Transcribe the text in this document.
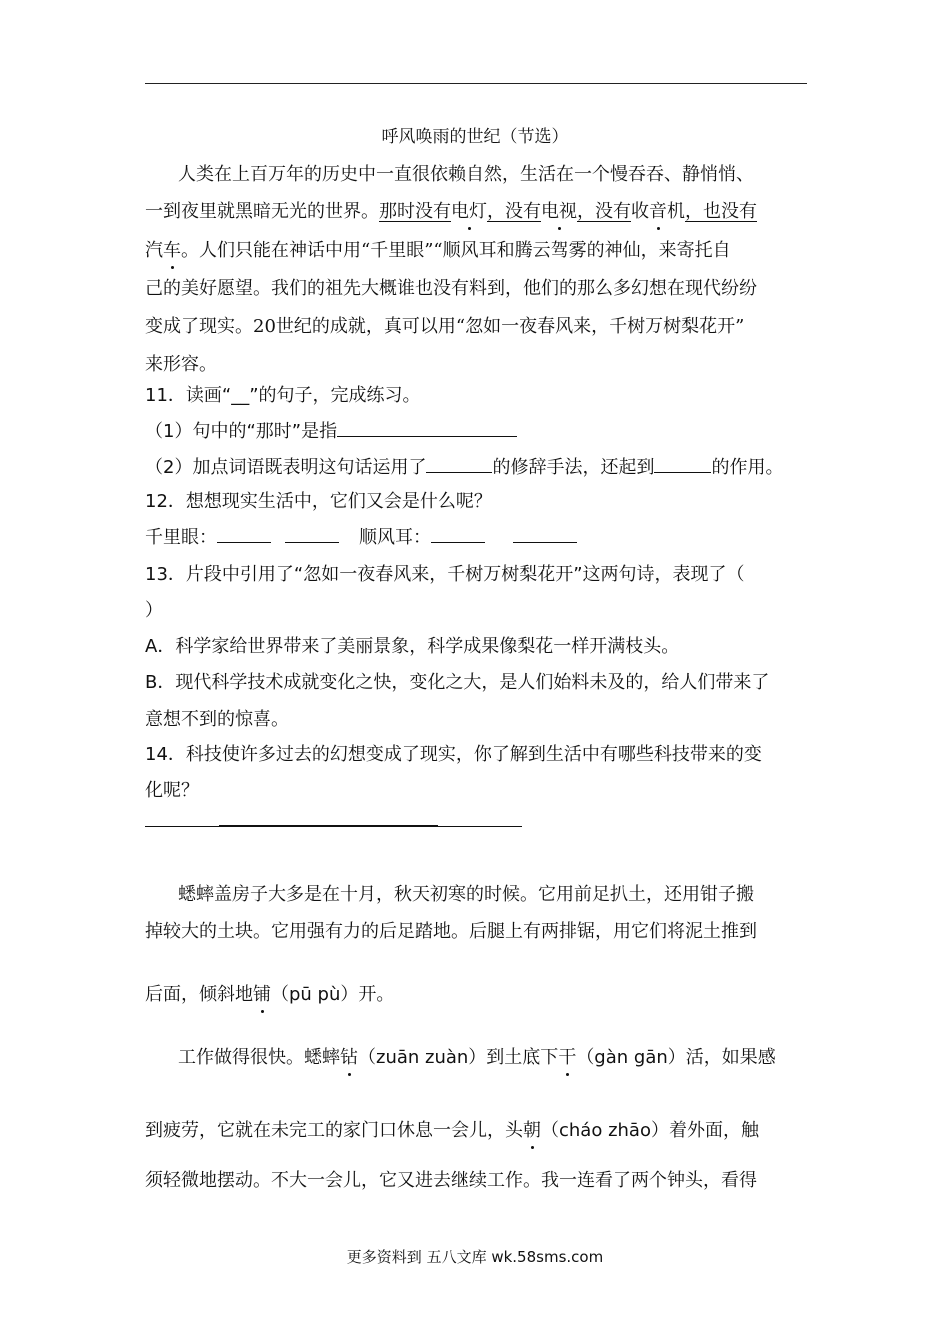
呼风唤雨的世纪（节选）
人类在上百万年的历史中一直很依赖自然，生活在一个慢吞吞、静悄悄、
一到夜里就黑暗无光的世界。那时没有电灯，没有电视，没有收音机，也没有
汽车。人们只能在神话中用“千里眼”“顺风耳和腾云驾雾的神仙，来寄托自
己的美好愿望。我们的祖先大概谁也没有料到，他们的那么多幻想在现代纷纷
变成了现实。20世纪的成就，真可以用“忽如一夜春风来，千树万树梨花开”
来形容。
11．读画“__”的句子，完成练习。
（1）句中的“那时”是指
（2）加点词语既表明这句话运用了	的修辞手法，还起到	的作用。
12．想想现实生活中，它们又会是什么呢？
千里眼：	顺风耳：
13．片段中引用了“忽如一夜春风来，千树万树梨花开”这两句诗，表现了（
）
A．科学家给世界带来了美丽景象，科学成果像梨花一样开满枝头。
B．现代科学技术成就变化之快，变化之大，是人们始料未及的，给人们带来了
意想不到的惊喜。
14．科技使许多过去的幻想变成了现实，你了解到生活中有哪些科技带来的变
化呢？
蟋蟀盖房子大多是在十月，秋天初寒的时候。它用前足扒土，还用钳子搬
掉较大的土块。它用强有力的后足踏地。后腿上有两排锯，用它们将泥土推到
后面，倾斜地铺（pū pù）开。
工作做得很快。蟋蟀钻（zuān zuàn）到土底下干（gàn gān）活，如果感
到疲劳，它就在未完工的家门口休息一会儿，头朝（cháo zhāo）着外面，触
须轻微地摆动。不大一会儿，它又进去继续工作。我一连看了两个钟头，看得
更多资料到 五八文库 wk.58sms.com
